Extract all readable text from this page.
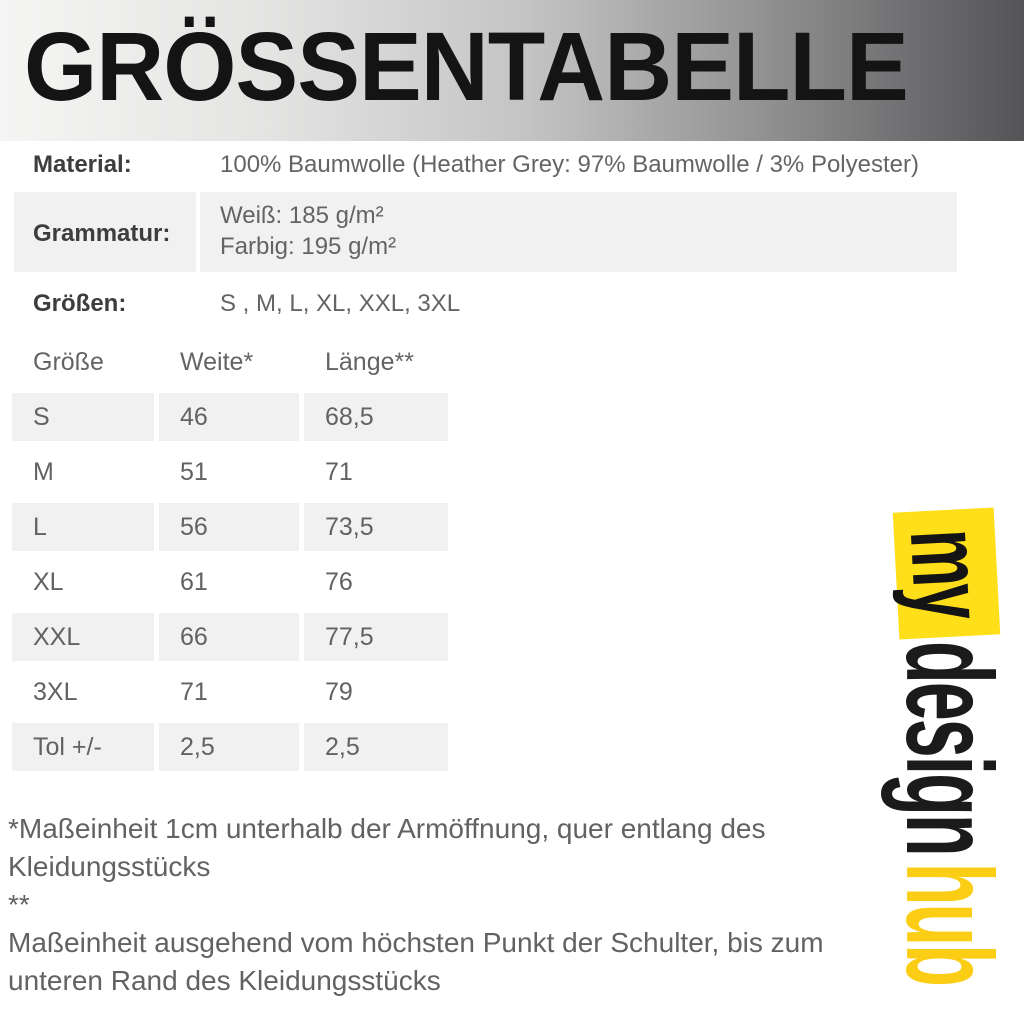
GRÖSSENTABELLE
Material:	100% Baumwolle (Heather Grey: 97% Baumwolle / 3% Polyester)
Grammatur:
Weiß: 185 g/m²
Farbig: 195 g/m²
Größen:	S , M, L, XL, XXL, 3XL
Größe	Weite*	Länge**
S	46	68,5
M	51	71
L	56	73,5
XL	61	76
XXL	66	77,5
3XL	71	79
Tol +/-	2,5	2,5
*Maßeinheit 1cm unterhalb der Armöffnung, quer entlang des
Kleidungsstücks
**
Maßeinheit ausgehend vom höchsten Punkt der Schulter, bis zum
unteren Rand des Kleidungsstücks
my
design
hub
